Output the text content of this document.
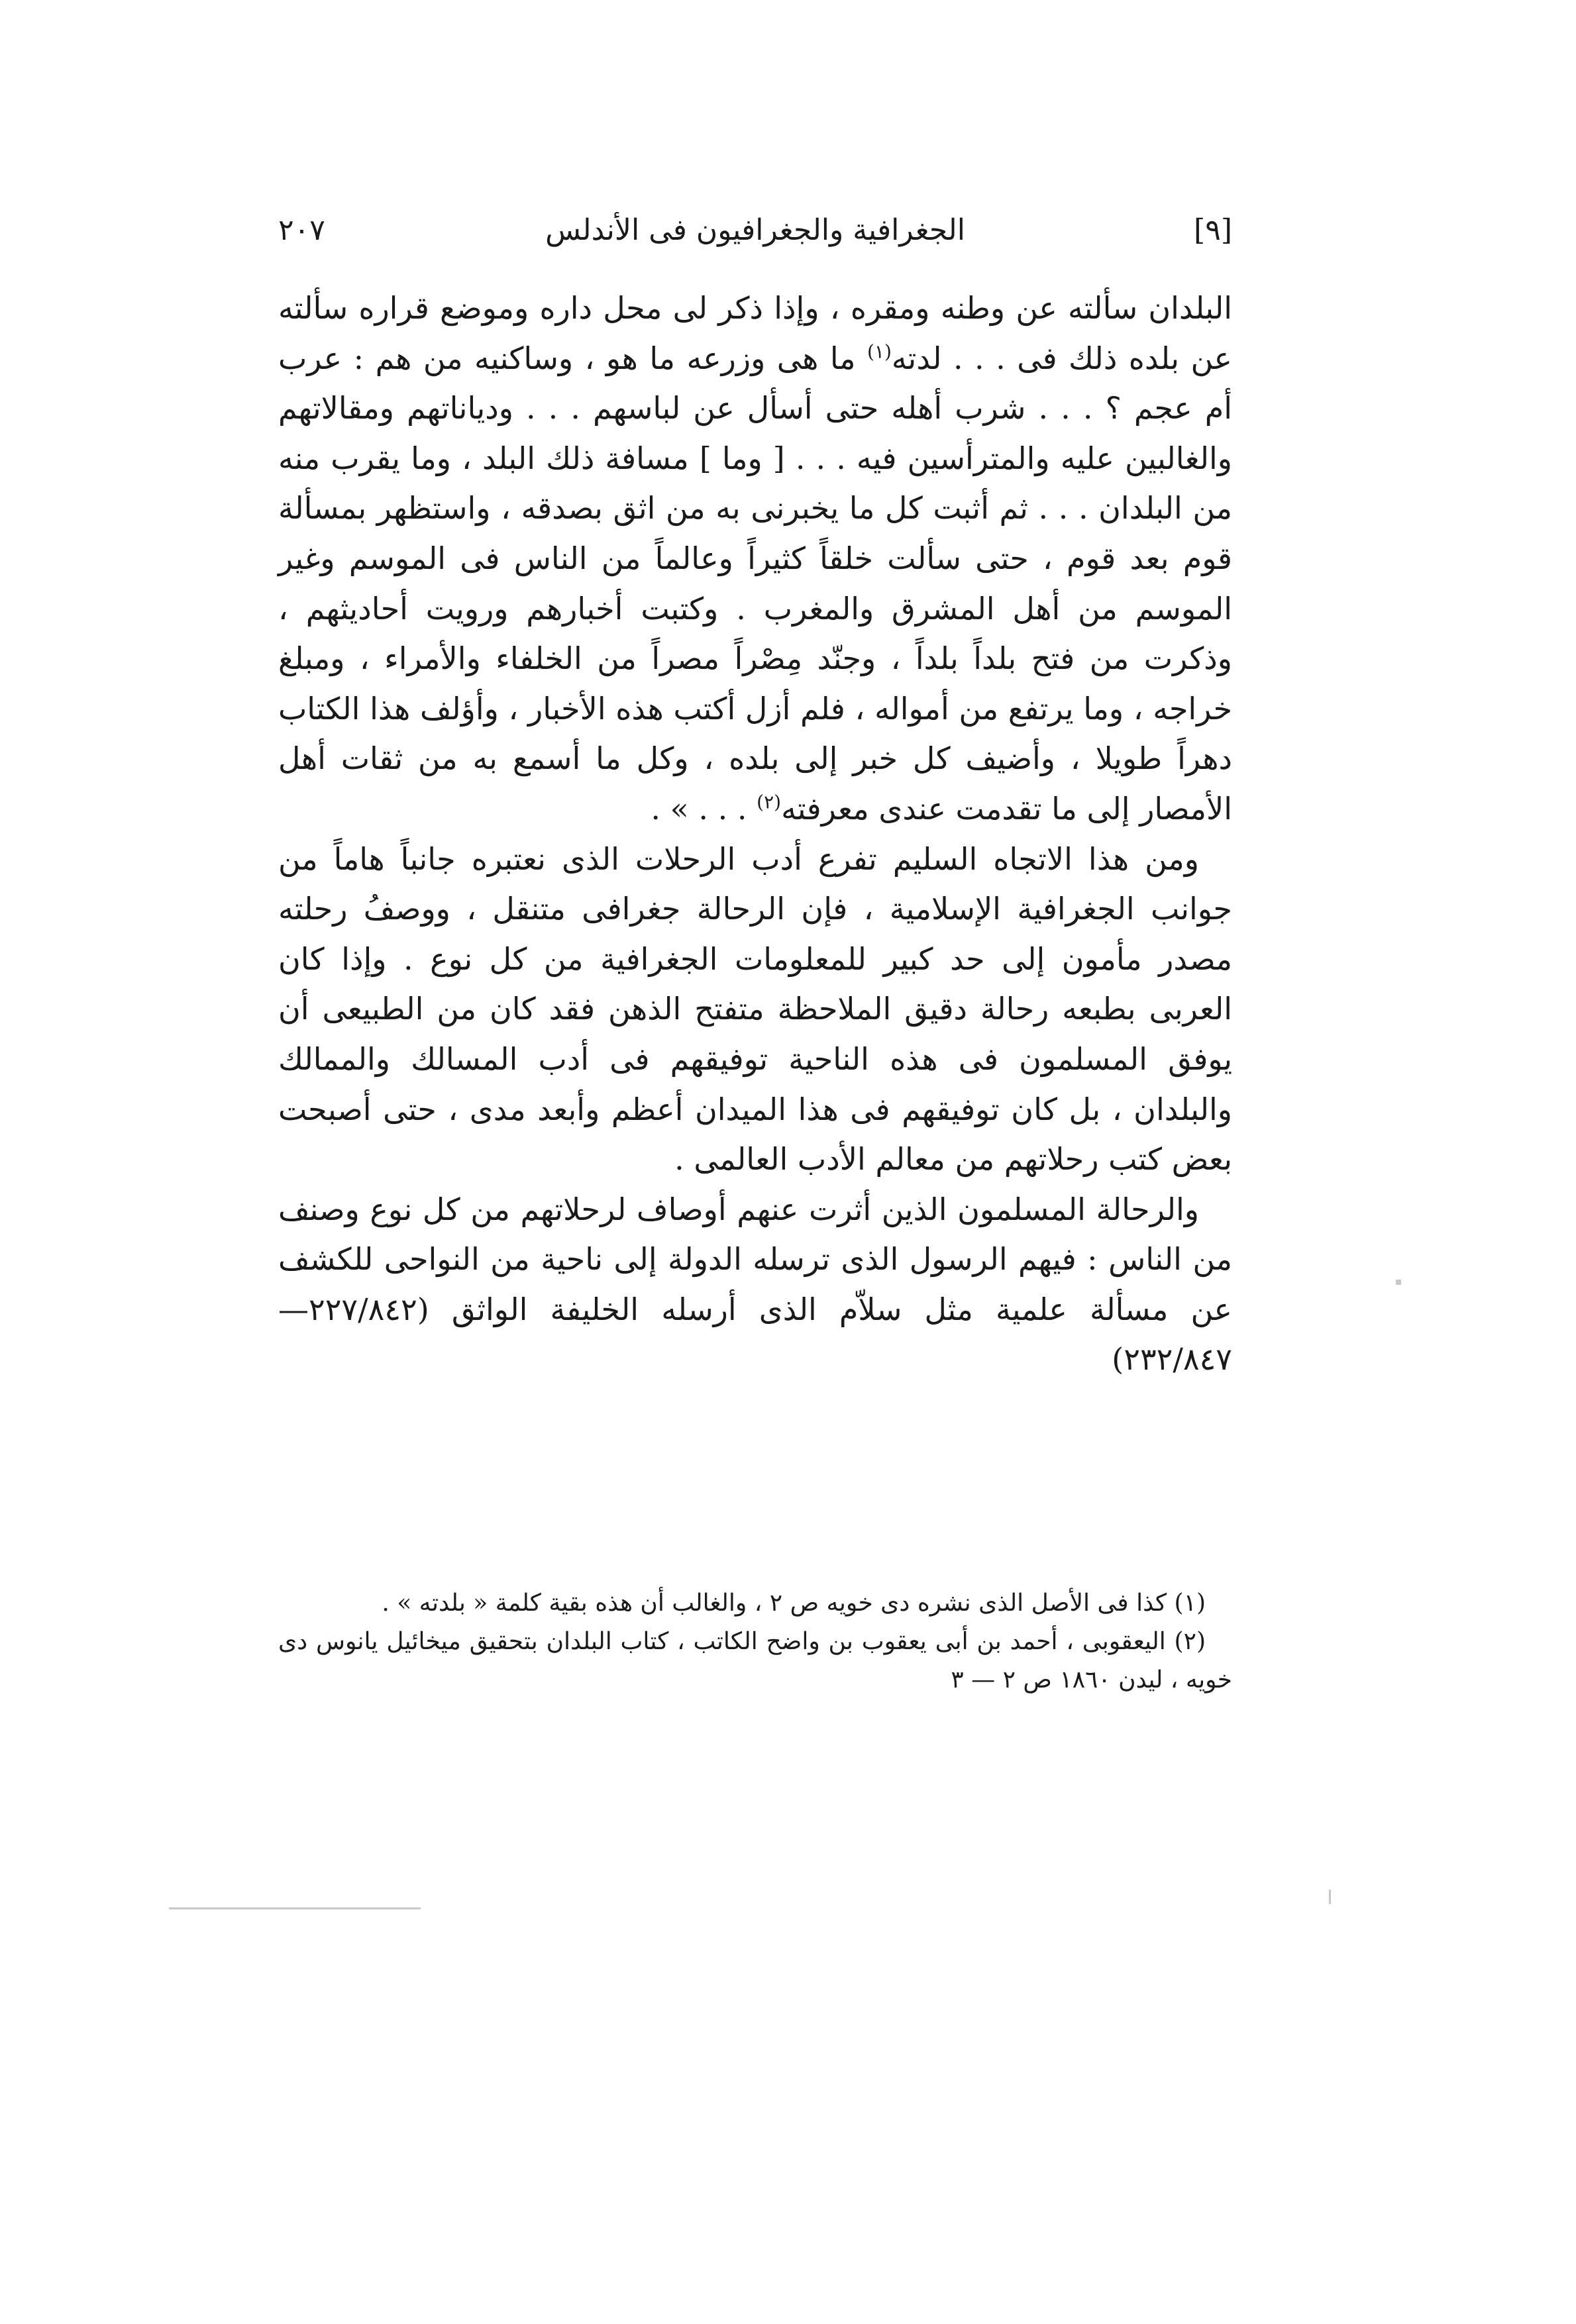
[٩]
الجغرافية والجغرافيون فى الأندلس
٢٠٧

البلدان سألته عن وطنه ومقره ، وإذا ذكر لى محل داره وموضع قراره سألته عن بلده ذلك فى . . . لدته$^{(١)}$ ما هى وزرعه ما هو ، وساكنيه من هم : عرب أم عجم ؟ . . . شرب أهله حتى أسأل عن لباسهم . . . ودياناتهم ومقالاتهم والغالبين عليه والمترأسين فيه . . . [ وما ] مسافة ذلك البلد ، وما يقرب منه من البلدان . . . ثم أثبت كل ما يخبرنى به من اثق بصدقه ، واستظهر بمسألة قوم بعد قوم ، حتى سألت خلقاً كثيراً وعالماً من الناس فى الموسم وغير الموسم من أهل المشرق والمغرب . وكتبت أخبارهم ورويت أحاديثهم ، وذكرت من فتح بلداً بلداً ، وجنّد مِصْراً مصراً من الخلفاء والأمراء ، ومبلغ خراجه ، وما يرتفع من أمواله ، فلم أزل أكتب هذه الأخبار ، وأؤلف هذا الكتاب دهراً طويلا ، وأضيف كل خبر إلى بلده ، وكل ما أسمع به من ثقات أهل الأمصار إلى ما تقدمت عندى معرفته$^{(٢)}$ . . . » .

ومن هذا الاتجاه السليم تفرع أدب الرحلات الذى نعتبره جانباً هاماً من جوانب الجغرافية الإسلامية ، فإن الرحالة جغرافى متنقل ، ووصفُ رحلته مصدر مأمون إلى حد كبير للمعلومات الجغرافية من كل نوع . وإذا كان العربى بطبعه رحالة دقيق الملاحظة متفتح الذهن فقد كان من الطبيعى أن يوفق المسلمون فى هذه الناحية توفيقهم فى أدب المسالك والممالك والبلدان ، بل كان توفيقهم فى هذا الميدان أعظم وأبعد مدى ، حتى أصبحت بعض كتب رحلاتهم من معالم الأدب العالمى .

والرحالة المسلمون الذين أثرت عنهم أوصاف لرحلاتهم من كل نوع وصنف من الناس : فيهم الرسول الذى ترسله الدولة إلى ناحية من النواحى للكشف عن مسألة علمية مثل سلاّم الذى أرسله الخليفة الواثق (٢٢٧/٨٤٢—٢٣٢/٨٤٧)

(١) كذا فى الأصل الذى نشره دى خويه ص ٢ ، والغالب أن هذه بقية كلمة « بلدته » .

(٢) اليعقوبى ، أحمد بن أبى يعقوب بن واضح الكاتب ، كتاب البلدان بتحقيق ميخائيل يانوس دى خويه ، ليدن ١٨٦٠ ص ٢ — ٣
